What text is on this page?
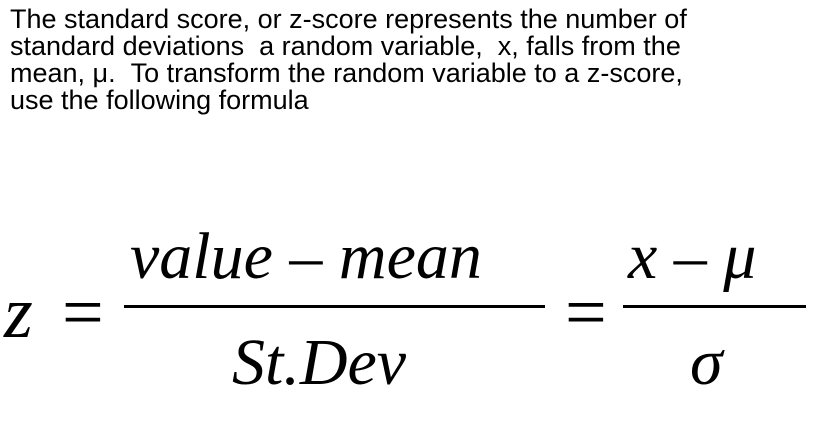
The standard score, or z-score represents the number of
standard deviations  a random variable,  x, falls from the
mean, μ.  To transform the random variable to a z-score,
use the following formula
z =
value – mean
St.Dev
=
x – μ
σ
